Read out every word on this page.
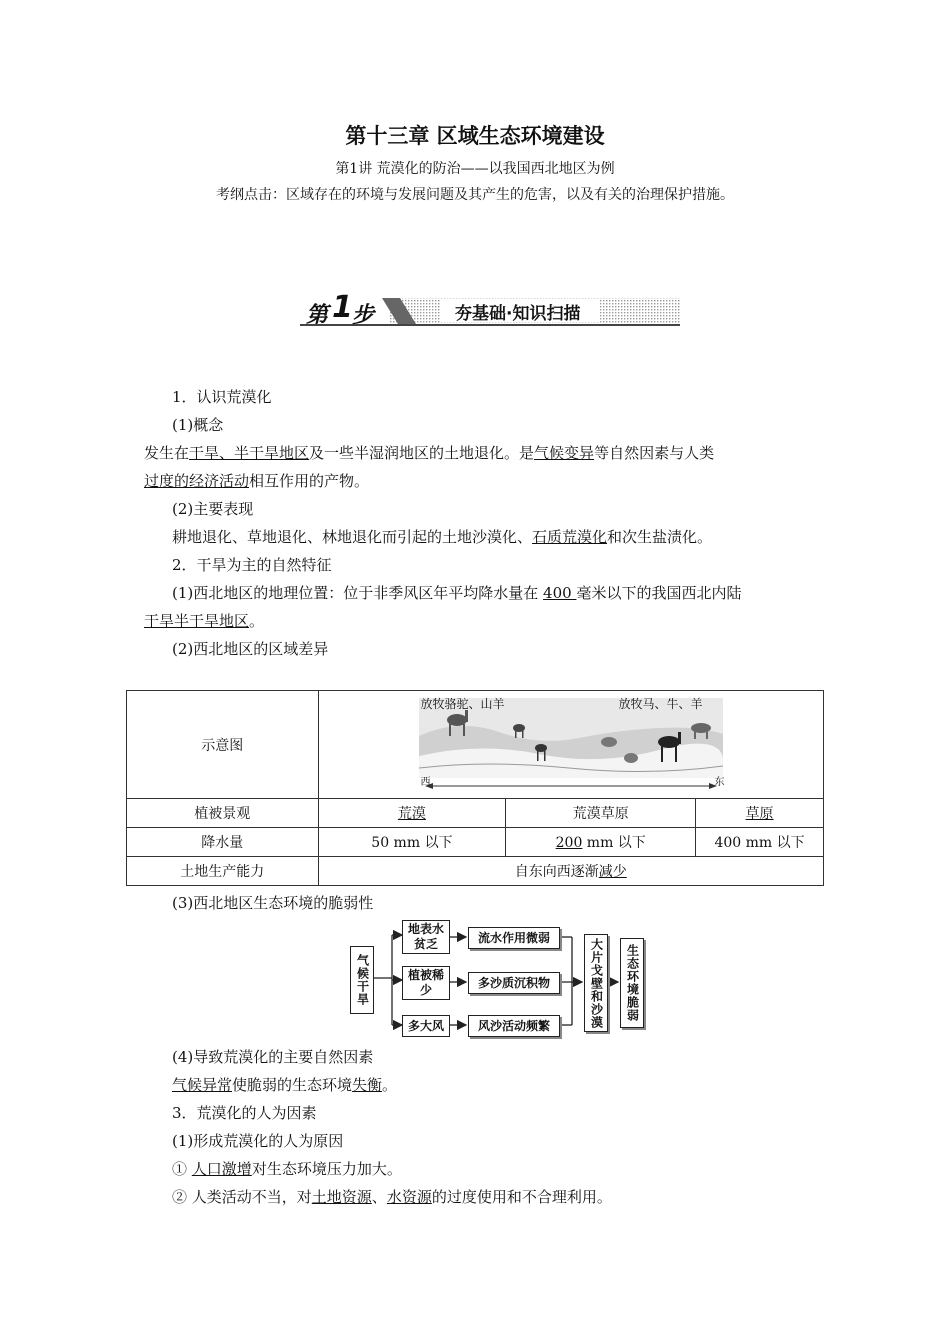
第十三章 区域生态环境建设
第1讲 荒漠化的防治——以我国西北地区为例
考纲点击：区域存在的环境与发展问题及其产生的危害，以及有关的治理保护措施。
第 1 步	夯基础·知识扫描
1．认识荒漠化
(1)概念
发生在干旱、半干旱地区及一些半湿润地区的土地退化。是气候变异等自然因素与人类
过度的经济活动相互作用的产物。
(2)主要表现
耕地退化、草地退化、林地退化而引起的土地沙漠化、石质荒漠化和次生盐渍化。
2．干旱为主的自然特征
(1)西北地区的地理位置：位于非季风区年平均降水量在 400 毫米以下的我国西北内陆
干旱半干旱地区。
(2)西北地区的区域差异
示意图	放牧骆驼、山羊 放牧马、牛、羊
西 东		

植被景观	荒漠	荒漠草原	草原
降水量	50 mm 以下	200 mm 以下	400 mm 以下
土地生产能力	自东向西逐渐减少		
(3)西北地区生态环境的脆弱性
气候干旱
地表水贫乏
植被稀少
多大风
流水作用微弱
多沙质沉积物
风沙活动频繁	大片戈壁和沙漠	生态环境脆弱
(4)导致荒漠化的主要自然因素
气候异常使脆弱的生态环境失衡。
3．荒漠化的人为因素
(1)形成荒漠化的人为原因
① 人口激增对生态环境压力加大。
② 人类活动不当，对土地资源、水资源的过度使用和不合理利用。
